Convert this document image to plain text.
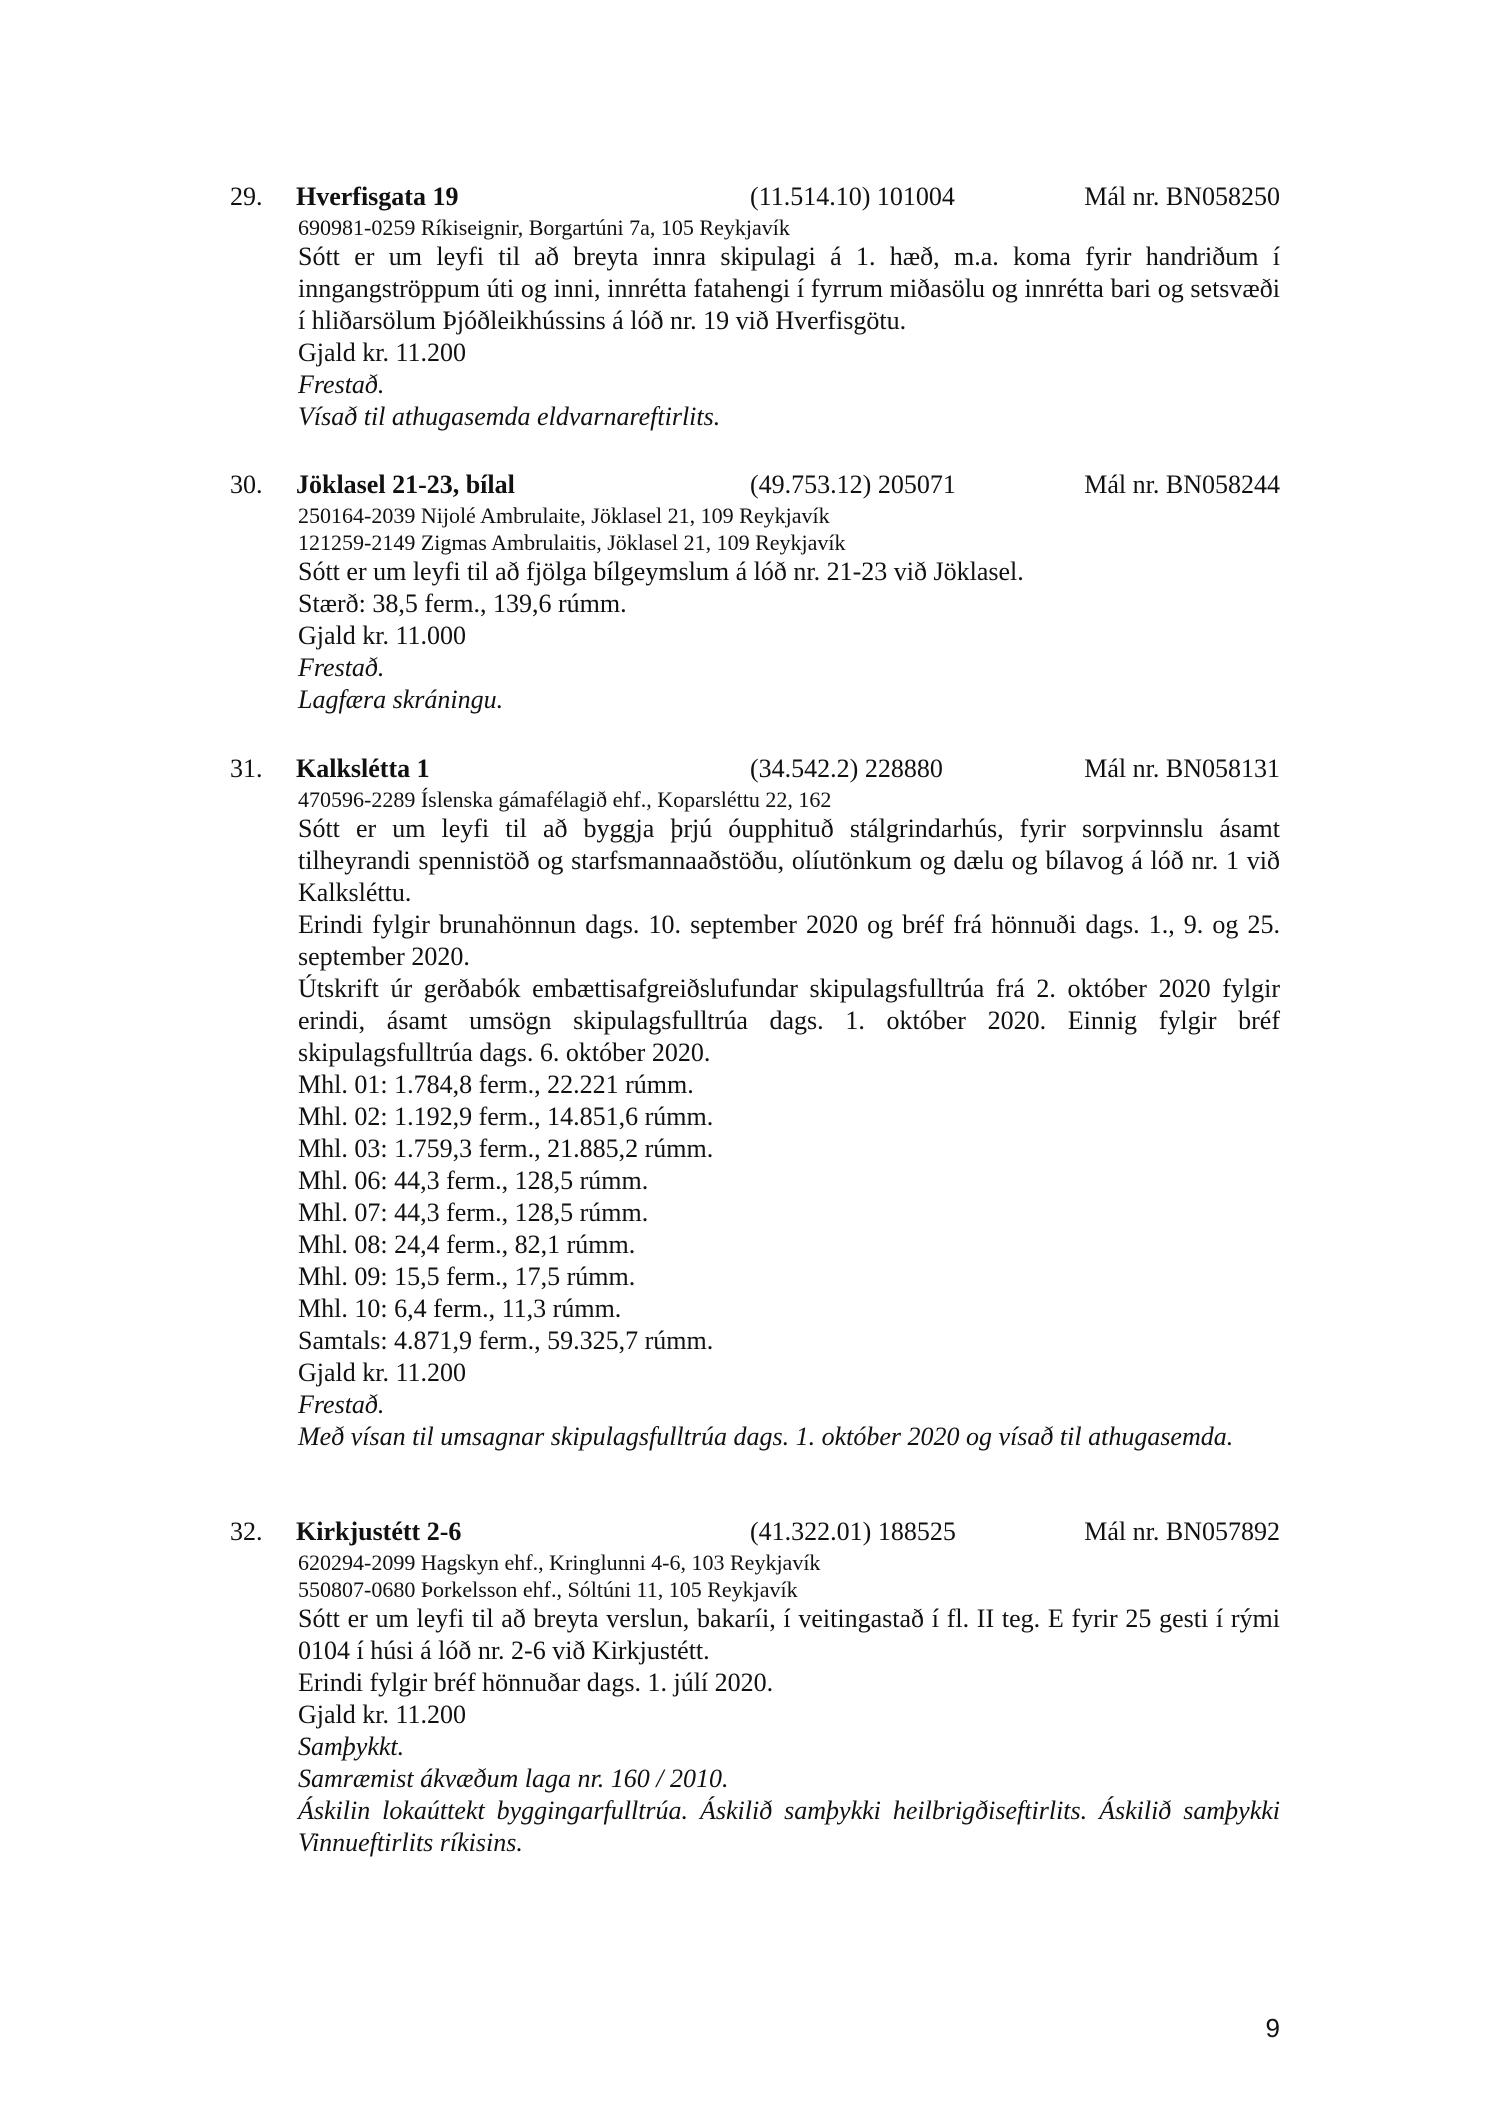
29. Hverfisgata 19	(11.514.10) 101004	Mál nr. BN058250
690981-0259 Ríkiseignir, Borgartúni 7a, 105 Reykjavík

Sótt er um leyfi til að breyta innra skipulagi á 1. hæð, m.a. koma fyrir handriðum í inngangströppum úti og inni, innrétta fatahengi í fyrrum miðasölu og innrétta bari og setsvæði í hliðarsölum Þjóðleikhússins á lóð nr. 19 við Hverfisgötu.

Gjald kr. 11.200

Frestað.

Vísað til athugasemda eldvarnareftirlits.

30. Jöklasel 21-23, bílal	(49.753.12) 205071	Mál nr. BN058244
250164-2039 Nijolé Ambrulaite, Jöklasel 21, 109 Reykjavík
121259-2149 Zigmas Ambrulaitis, Jöklasel 21, 109 Reykjavík

Sótt er um leyfi til að fjölga bílgeymslum á lóð nr. 21-23 við Jöklasel.

Stærð: 38,5 ferm., 139,6 rúmm.

Gjald kr. 11.000

Frestað.

Lagfæra skráningu.

31. Kalkslétta 1	(34.542.2) 228880	Mál nr. BN058131
470596-2289 Íslenska gámafélagið ehf., Koparsléttu 22, 162

Sótt er um leyfi til að byggja þrjú óupphituð stálgrindarhús, fyrir sorpvinnslu ásamt tilheyrandi spennistöð og starfsmannaaðstöðu, olíutönkum og dælu og bílavog á lóð nr. 1 við Kalksléttu.

Erindi fylgir brunahönnun dags. 10. september 2020 og bréf frá hönnuði dags. 1., 9. og 25. september 2020.

Útskrift úr gerðabók embættisafgreiðslufundar skipulagsfulltrúa frá 2. október 2020 fylgir erindi, ásamt umsögn skipulagsfulltrúa dags. 1. október 2020. Einnig fylgir bréf skipulagsfulltrúa dags. 6. október 2020.

Mhl. 01: 1.784,8 ferm., 22.221 rúmm.

Mhl. 02: 1.192,9 ferm., 14.851,6 rúmm.

Mhl. 03: 1.759,3 ferm., 21.885,2 rúmm.

Mhl. 06: 44,3 ferm., 128,5 rúmm.

Mhl. 07: 44,3 ferm., 128,5 rúmm.

Mhl. 08: 24,4 ferm., 82,1 rúmm.

Mhl. 09: 15,5 ferm., 17,5 rúmm.

Mhl. 10: 6,4 ferm., 11,3 rúmm.

Samtals: 4.871,9 ferm., 59.325,7 rúmm.

Gjald kr. 11.200

Frestað.

Með vísan til umsagnar skipulagsfulltrúa dags. 1. október 2020 og vísað til athugasemda.

32. Kirkjustétt 2-6	(41.322.01) 188525	Mál nr. BN057892
620294-2099 Hagskyn ehf., Kringlunni 4-6, 103 Reykjavík
550807-0680 Þorkelsson ehf., Sóltúni 11, 105 Reykjavík

Sótt er um leyfi til að breyta verslun, bakaríi, í veitingastað í fl. II teg. E fyrir 25 gesti í rými 0104 í húsi á lóð nr. 2-6 við Kirkjustétt.

Erindi fylgir bréf hönnuðar dags. 1. júlí 2020.

Gjald kr. 11.200

Samþykkt.

Samræmist ákvæðum laga nr. 160 / 2010.

Áskilin lokaúttekt byggingarfulltrúa. Áskilið samþykki heilbrigðiseftirlits. Áskilið samþykki Vinnueftirlits ríkisins.

9
